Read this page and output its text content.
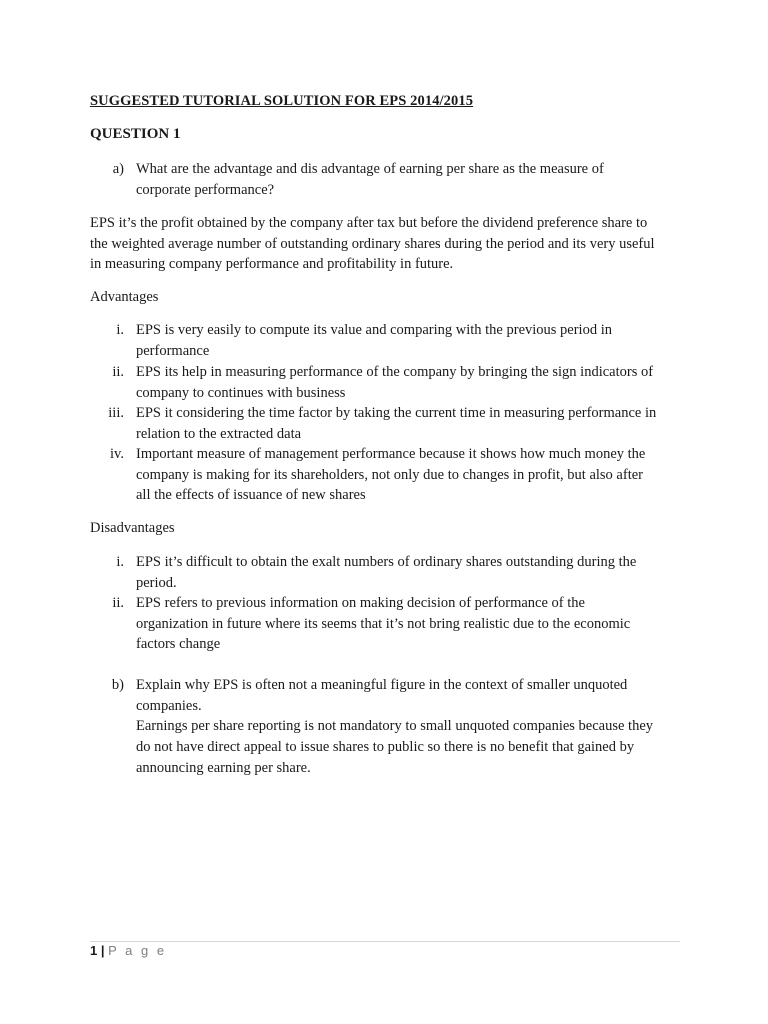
SUGGESTED TUTORIAL SOLUTION FOR EPS 2014/2015
QUESTION 1
a) What are the advantage and dis advantage of earning per share as the measure of
corporate performance?
EPS it’s the profit obtained by the company after tax but before the dividend preference share to
the weighted average number of outstanding ordinary shares during the period and its very useful
in measuring company performance and profitability in future.
Advantages
i. EPS is very easily to compute its value and comparing with the previous period in
performance
ii. EPS its help in measuring performance of the company by bringing the sign indicators of
company to continues with business
iii. EPS it considering the time factor by taking the current time in measuring performance in
relation to the extracted data
iv. Important measure of management performance because it shows how much money the
company is making for its shareholders, not only due to changes in profit, but also after
all the effects of issuance of new shares
Disadvantages
i. EPS it’s difficult to obtain the exalt numbers of ordinary shares outstanding during the
period.
ii. EPS refers to previous information on making decision of performance of the
organization in future where its seems that it’s not bring realistic due to the economic
factors change
b) Explain why EPS is often not a meaningful figure in the context of smaller unquoted
companies.
Earnings per share reporting is not mandatory to small unquoted companies because they
do not have direct appeal to issue shares to public so there is no benefit that gained by
announcing earning per share.
1 | P a g e
